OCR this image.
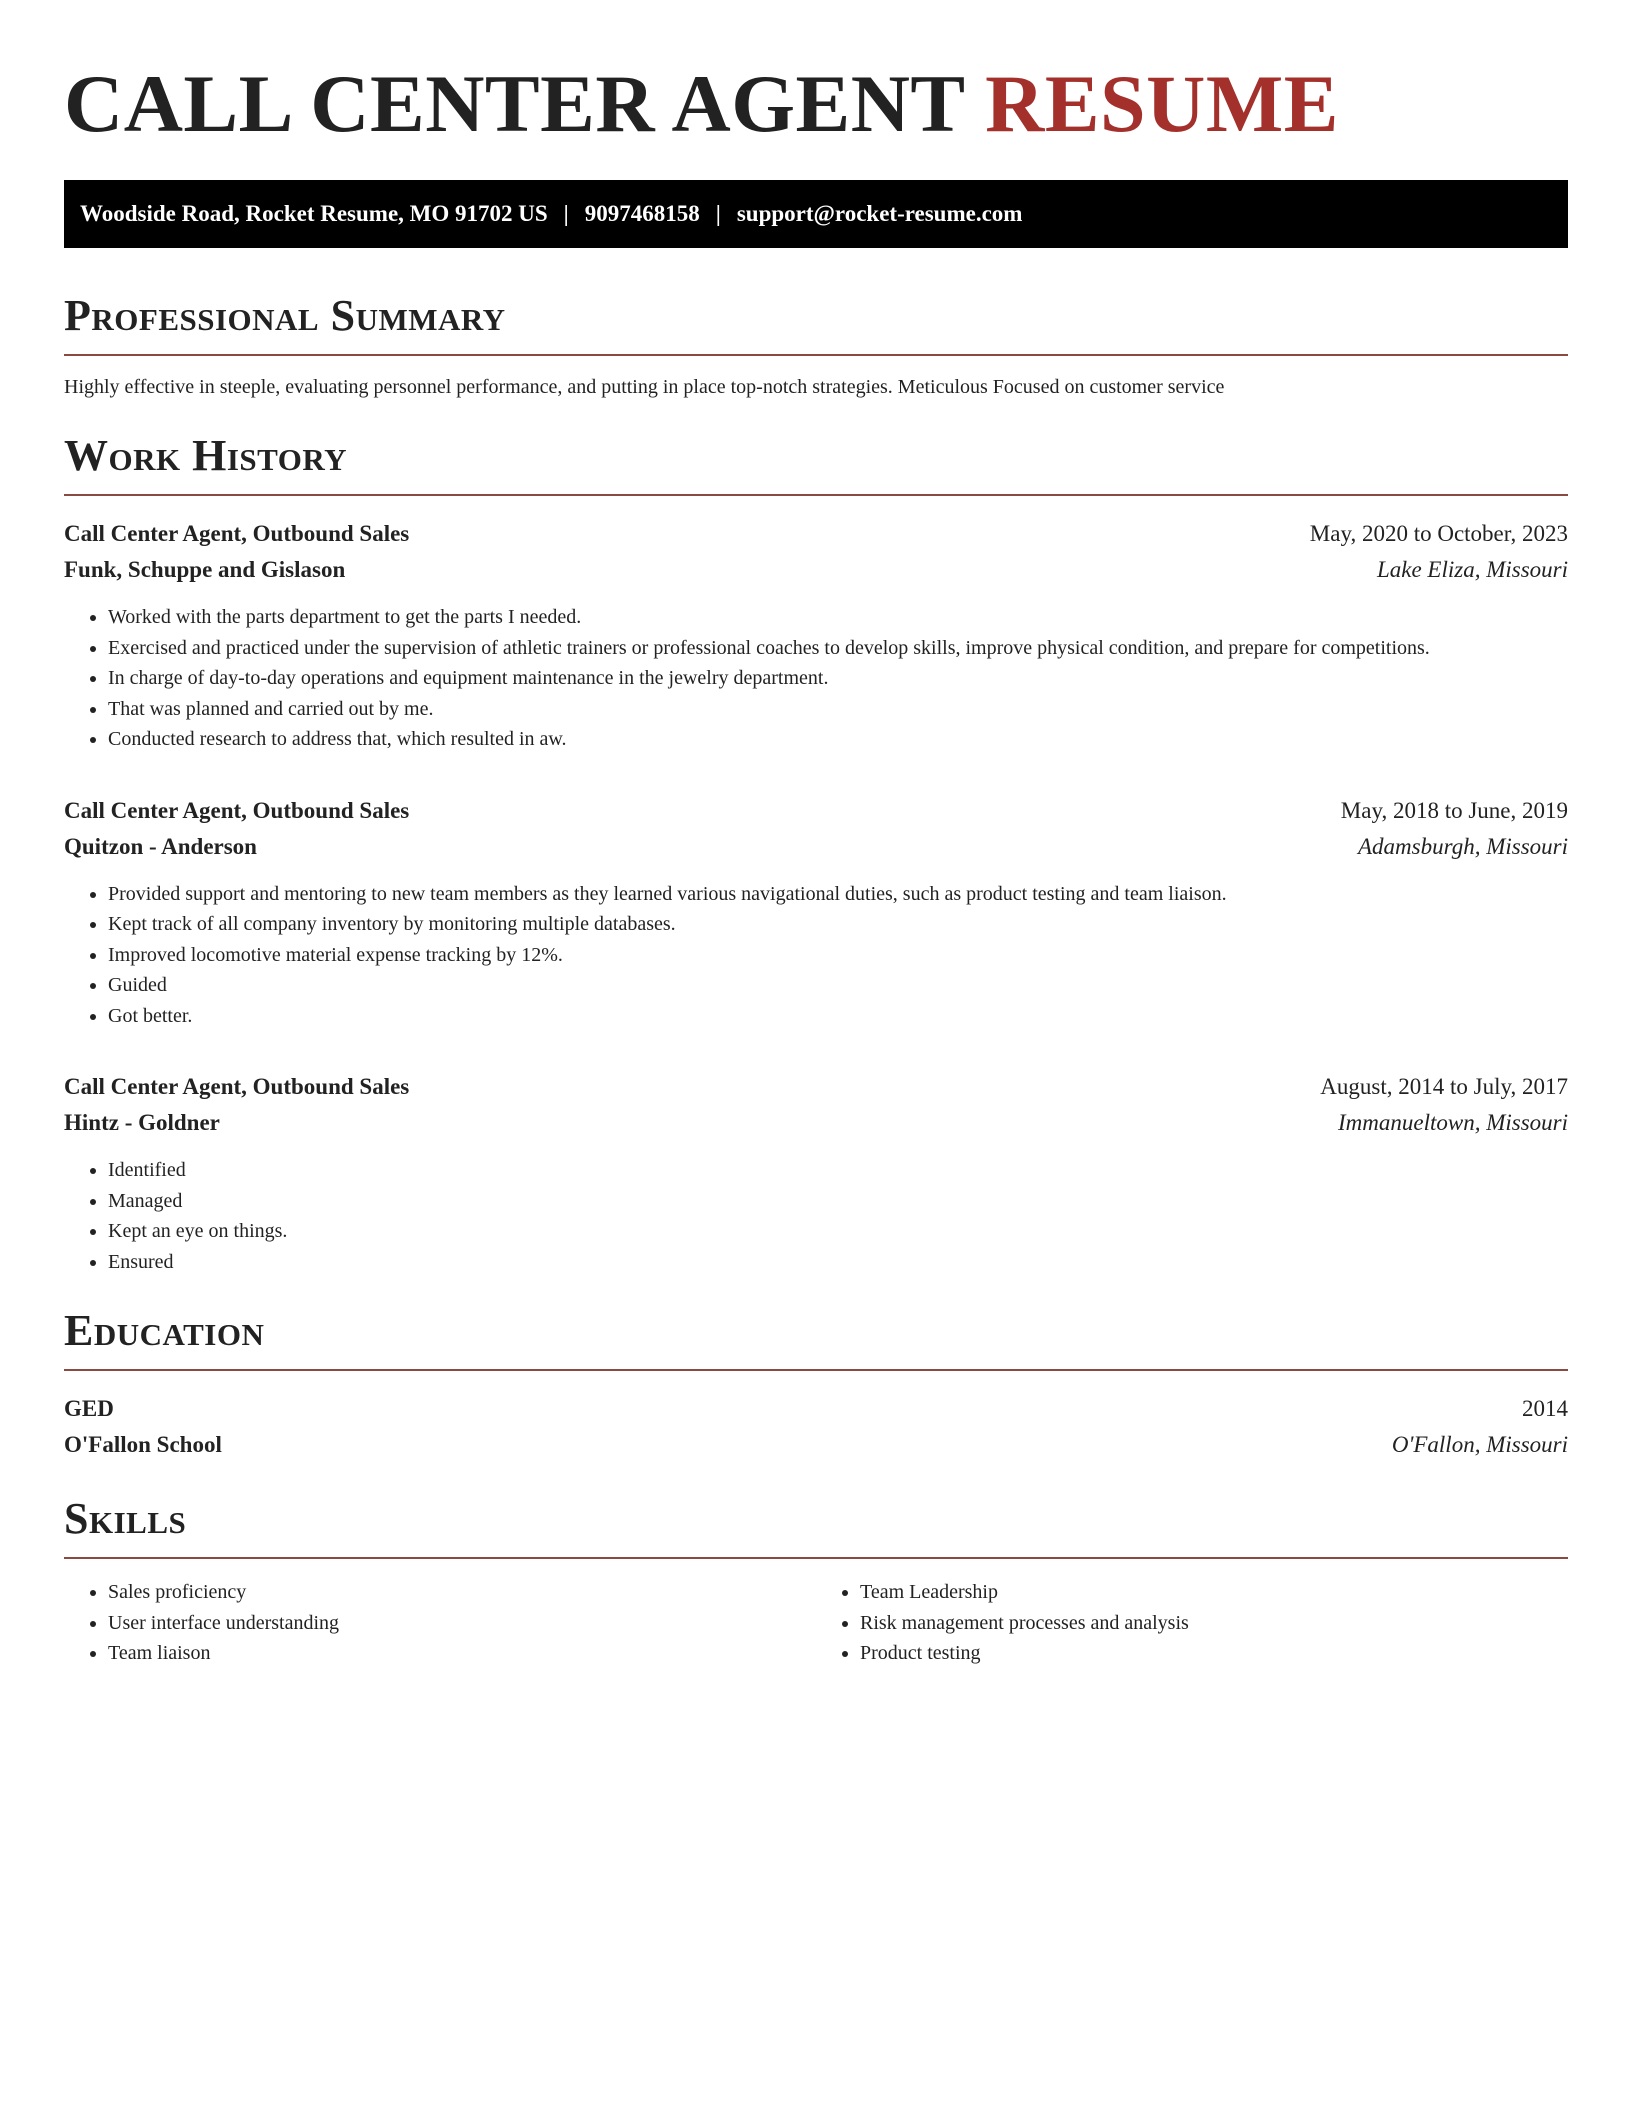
CALL CENTER AGENT RESUME
Woodside Road, Rocket Resume, MO 91702 US | 9097468158 | support@rocket-resume.com
Professional Summary

Highly effective in steeple, evaluating personnel performance, and putting in place top-notch strategies. Meticulous Focused on customer service

Work History
Call Center Agent, Outbound Sales	May, 2020 to October, 2023
Funk, Schuppe and Gislason	Lake Eliza, Missouri
• Worked with the parts department to get the parts I needed.
• Exercised and practiced under the supervision of athletic trainers or professional coaches to develop skills, improve physical condition, and prepare for competitions.
• In charge of day-to-day operations and equipment maintenance in the jewelry department.
• That was planned and carried out by me.
• Conducted research to address that, which resulted in aw.
Call Center Agent, Outbound Sales	May, 2018 to June, 2019
Quitzon - Anderson	Adamsburgh, Missouri
• Provided support and mentoring to new team members as they learned various navigational duties, such as product testing and team liaison.
• Kept track of all company inventory by monitoring multiple databases.
• Improved locomotive material expense tracking by 12%.
• Guided
• Got better.
Call Center Agent, Outbound Sales	August, 2014 to July, 2017
Hintz - Goldner	Immanueltown, Missouri
• Identified
• Managed
• Kept an eye on things.
• Ensured
Education
GED	2014
O'Fallon School	O'Fallon, Missouri
Skills
• Sales proficiency
• User interface understanding
• Team liaison
• Team Leadership
• Risk management processes and analysis
• Product testing
